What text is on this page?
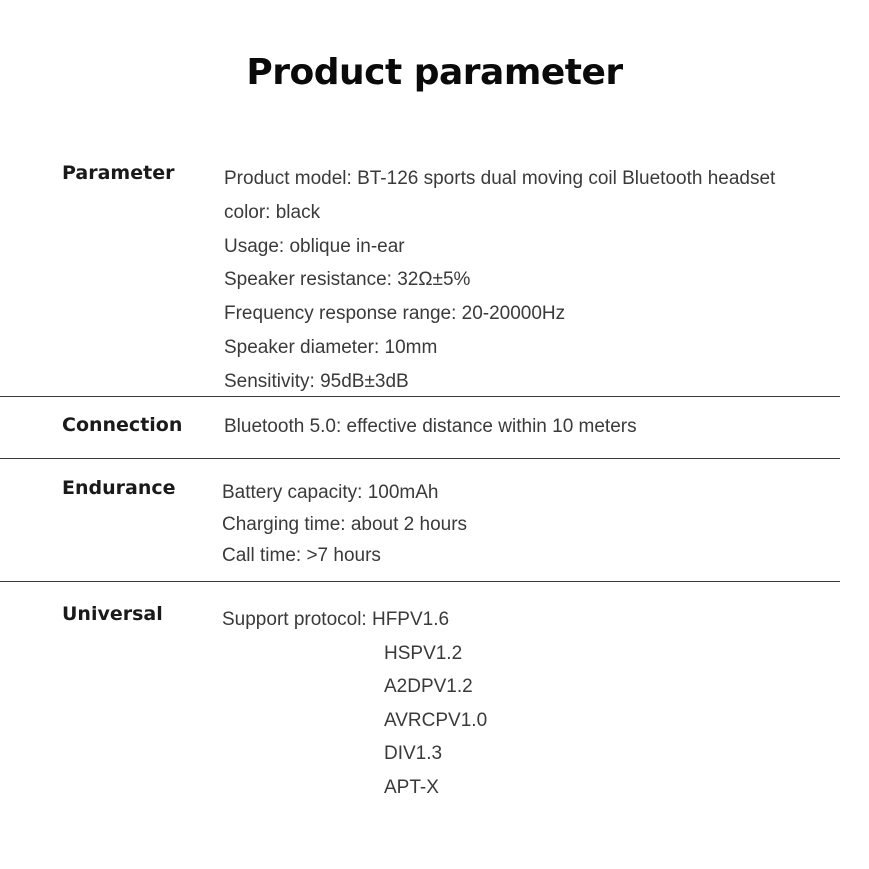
Product parameter
Parameter	Product model: BT-126 sports dual moving coil Bluetooth headset
color: black
Usage: oblique in-ear
Speaker resistance: 32Ω±5%
Frequency response range: 20-20000Hz
Speaker diameter: 10mm
Sensitivity: 95dB±3dB
Connection Bluetooth 5.0: effective distance within 10 meters
Endurance Battery capacity: 100mAh
Charging time: about 2 hours
Call time: >7 hours
Universal	Support protocol: HFPV1.6
HSPV1.2
A2DPV1.2
AVRCPV1.0
DIV1.3
APT-X
